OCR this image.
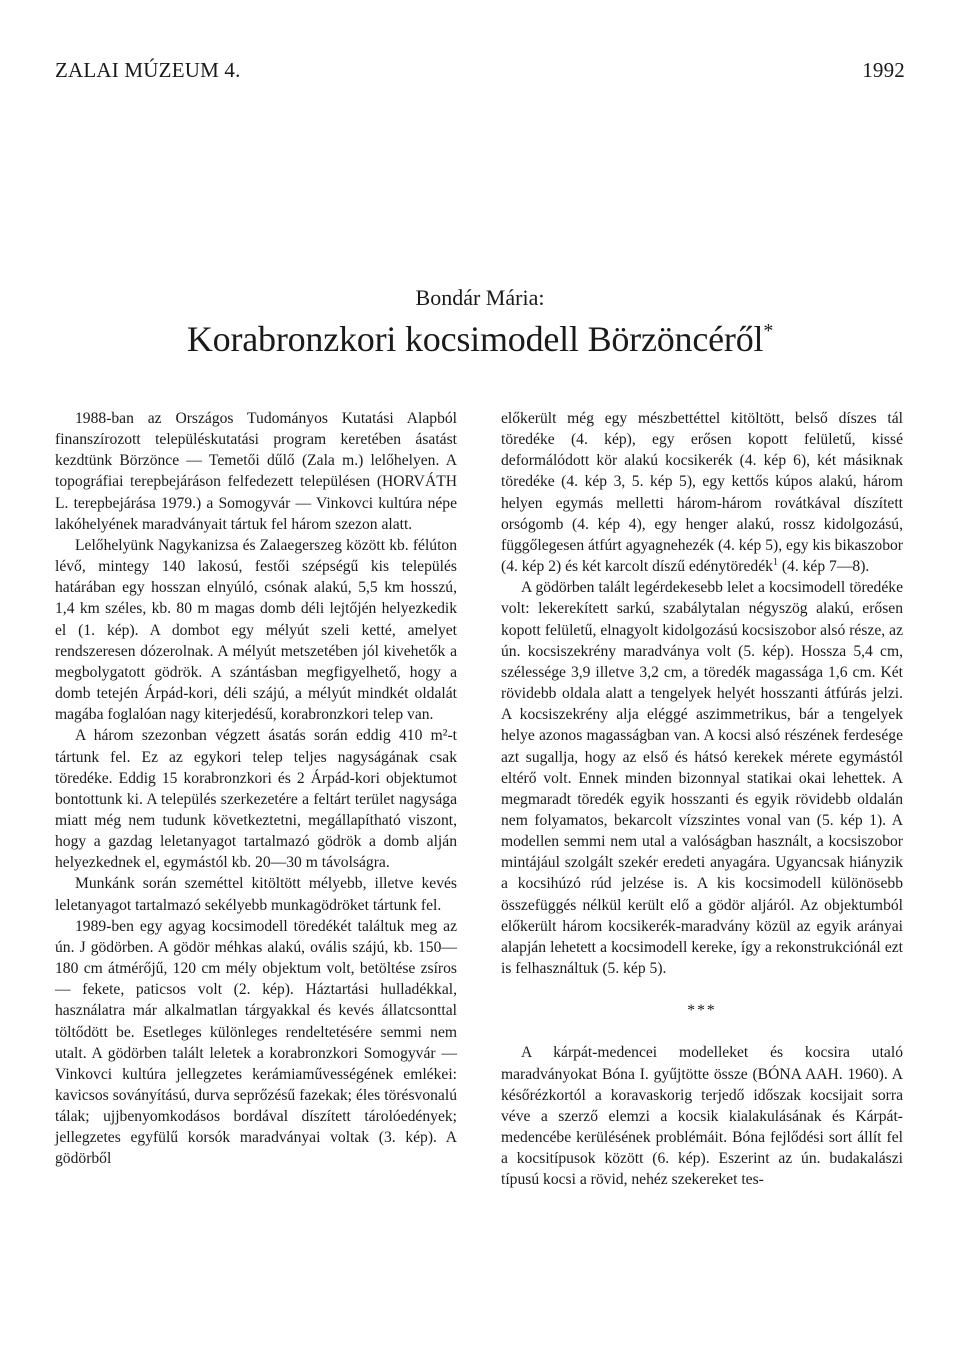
ZALAI MÚZEUM 4.	1992
Bondár Mária:
Korabronzkori kocsimodell Börzöncéről*

1988-ban az Országos Tudományos Kutatási Alapból finanszírozott településkutatási program keretében ásatást kezdtünk Börzönce — Temetői dűlő (Zala m.) lelőhelyen. A topográfiai terepbejáráson felfedezett településen (HORVÁTH L. terepbejárása 1979.) a Somogyvár — Vinkovci kultúra népe lakóhelyének maradványait tártuk fel három szezon alatt.

Lelőhelyünk Nagykanizsa és Zalaegerszeg között kb. félúton lévő, mintegy 140 lakosú, festői szépségű kis település határában egy hosszan elnyúló, csónak alakú, 5,5 km hosszú, 1,4 km széles, kb. 80 m magas domb déli lejtőjén helyezkedik el (1. kép). A dombot egy mélyút szeli ketté, amelyet rendszeresen dózerolnak. A mélyút metszetében jól kivehetők a megbolygatott gödrök. A szántásban megfigyelhető, hogy a domb tetején Árpád-kori, déli szájú, a mélyút mindkét oldalát magába foglalóan nagy kiterjedésű, korabronzkori telep van.

A három szezonban végzett ásatás során eddig 410 m²-t tártunk fel. Ez az egykori telep teljes nagyságának csak töredéke. Eddig 15 korabronzkori és 2 Árpád-kori objektumot bontottunk ki. A település szerkezetére a feltárt terület nagysága miatt még nem tudunk következtetni, megállapítható viszont, hogy a gazdag leletanyagot tartalmazó gödrök a domb alján helyezkednek el, egymástól kb. 20—30 m távolságra.

Munkánk során szeméttel kitöltött mélyebb, illetve kevés leletanyagot tartalmazó sekélyebb munkagödröket tártunk fel.

1989-ben egy agyag kocsimodell töredékét találtuk meg az ún. J gödörben. A gödör méhkas alakú, ovális szájú, kb. 150—180 cm átmérőjű, 120 cm mély objektum volt, betöltése zsíros — fekete, paticsos volt (2. kép). Háztartási hulladékkal, használatra már alkalmatlan tárgyakkal és kevés állatcsonttal töltődött be. Esetleges különleges rendeltetésére semmi nem utalt. A gödörben talált leletek a korabronzkori Somogyvár — Vinkovci kultúra jellegzetes kerámiaművességének emlékei: kavicsos soványítású, durva seprőzésű fazekak; éles törésvonalú tálak; ujjbenyomkodásos bordával díszített tárolóedények; jellegzetes egyfülű korsók maradványai voltak (3. kép). A gödörből

előkerült még egy mészbettéttel kitöltött, belső díszes tál töredéke (4. kép), egy erősen kopott felületű, kissé deformálódott kör alakú kocsikerék (4. kép 6), két másiknak töredéke (4. kép 3, 5. kép 5), egy kettős kúpos alakú, három helyen egymás melletti három-három rovátkával díszített orsógomb (4. kép 4), egy henger alakú, rossz kidolgozású, függőlegesen átfúrt agyagnehezék (4. kép 5), egy kis bikaszobor (4. kép 2) és két karcolt díszű edénytöredék$^1$ (4. kép 7—8).

A gödörben talált legérdekesebb lelet a kocsimodell töredéke volt: lekerekített sarkú, szabálytalan négyszög alakú, erősen kopott felületű, elnagyolt kidolgozású kocsiszobor alsó része, az ún. kocsiszekrény maradványa volt (5. kép). Hossza 5,4 cm, szélessége 3,9 illetve 3,2 cm, a töredék magassága 1,6 cm. Két rövidebb oldala alatt a tengelyek helyét hosszanti átfúrás jelzi. A kocsiszekrény alja eléggé aszimmetrikus, bár a tengelyek helye azonos magasságban van. A kocsi alsó részének ferdesége azt sugallja, hogy az első és hátsó kerekek mérete egymástól eltérő volt. Ennek minden bizonnyal statikai okai lehettek. A megmaradt töredék egyik hosszanti és egyik rövidebb oldalán nem folyamatos, bekarcolt vízszintes vonal van (5. kép 1). A modellen semmi nem utal a valóságban használt, a kocsiszobor mintájául szolgált szekér eredeti anyagára. Ugyancsak hiányzik a kocsihúzó rúd jelzése is. A kis kocsimodell különösebb összefüggés nélkül került elő a gödör aljáról. Az objektumból előkerült három kocsikerék-maradvány közül az egyik arányai alapján lehetett a kocsimodell kereke, így a rekonstrukciónál ezt is felhasználtuk (5. kép 5).

***

A kárpát-medencei modelleket és kocsira utaló maradványokat Bóna I. gyűjtötte össze (BÓNA AAH. 1960). A későrézkortól a koravaskorig terjedő időszak kocsijait sorra véve a szerző elemzi a kocsik kialakulásának és Kárpát-medencébe kerülésének problémáit. Bóna fejlődési sort állít fel a kocsitípusok között (6. kép). Eszerint az ún. budakalászi típusú kocsi a rövid, nehéz szekereket tes-
